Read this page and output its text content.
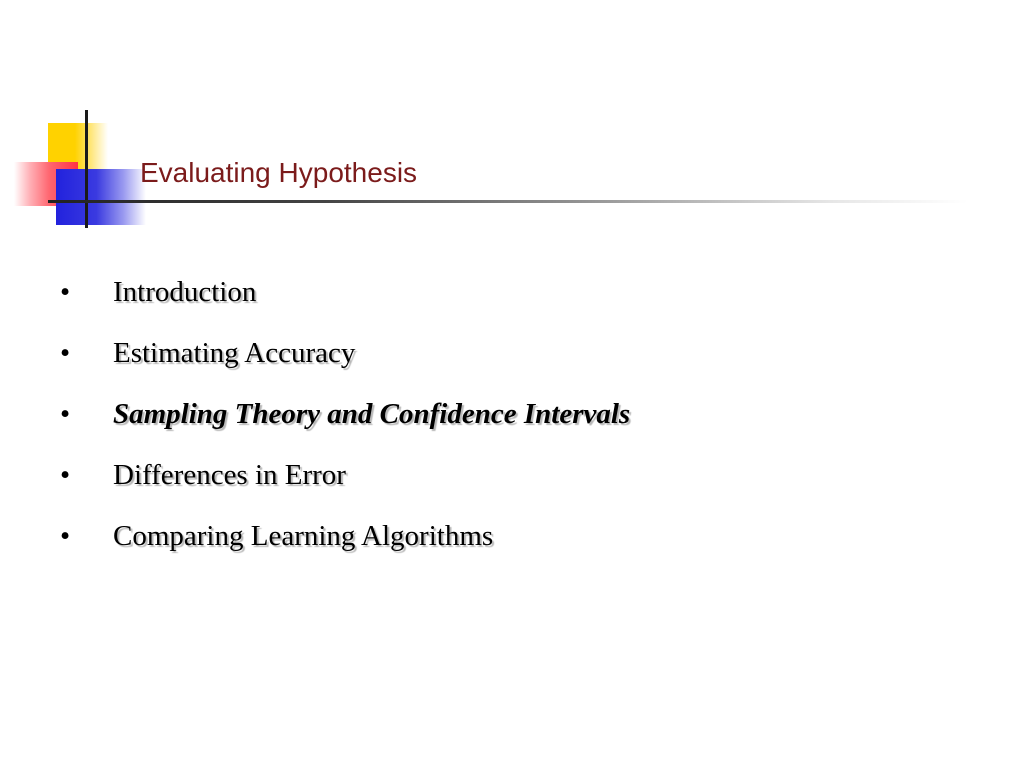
Evaluating Hypothesis
•	Introduction
•	Estimating Accuracy
•	Sampling Theory and Confidence Intervals
•	Differences in Error
•	Comparing Learning Algorithms
